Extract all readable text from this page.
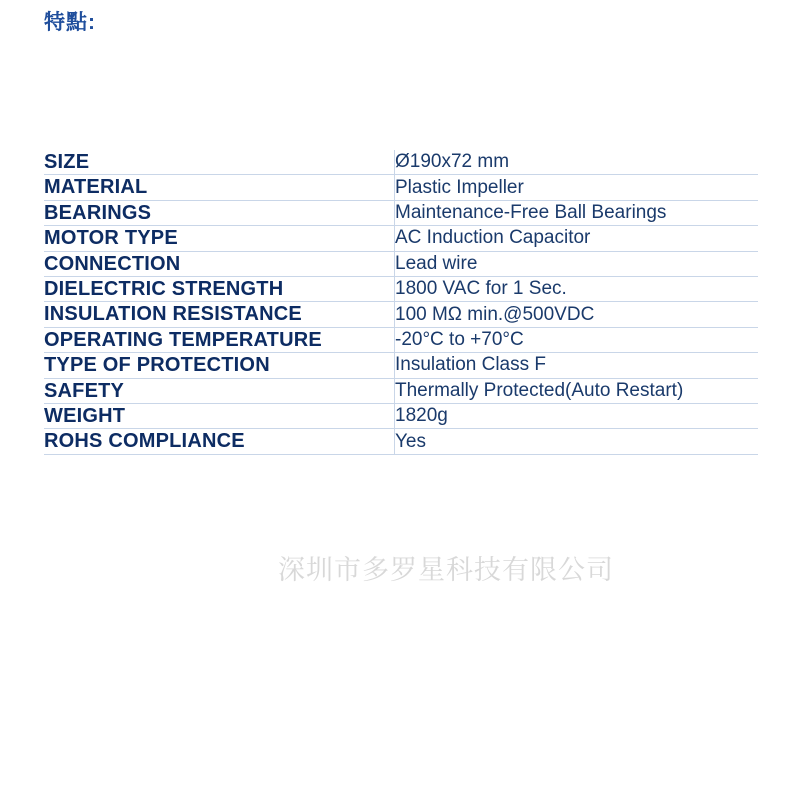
特點:
SIZE	Ø190x72 mm
MATERIAL	Plastic Impeller
BEARINGS	Maintenance-Free Ball Bearings
MOTOR TYPE	AC Induction Capacitor
CONNECTION	Lead wire
DIELECTRIC STRENGTH	1800 VAC for 1 Sec.
INSULATION RESISTANCE	100 MΩ min.@500VDC
OPERATING TEMPERATURE	-20°C to +70°C
TYPE OF PROTECTION	Insulation Class F
SAFETY	Thermally Protected(Auto Restart)
WEIGHT	1820g
ROHS COMPLIANCE	Yes
深圳市多罗星科技有限公司
